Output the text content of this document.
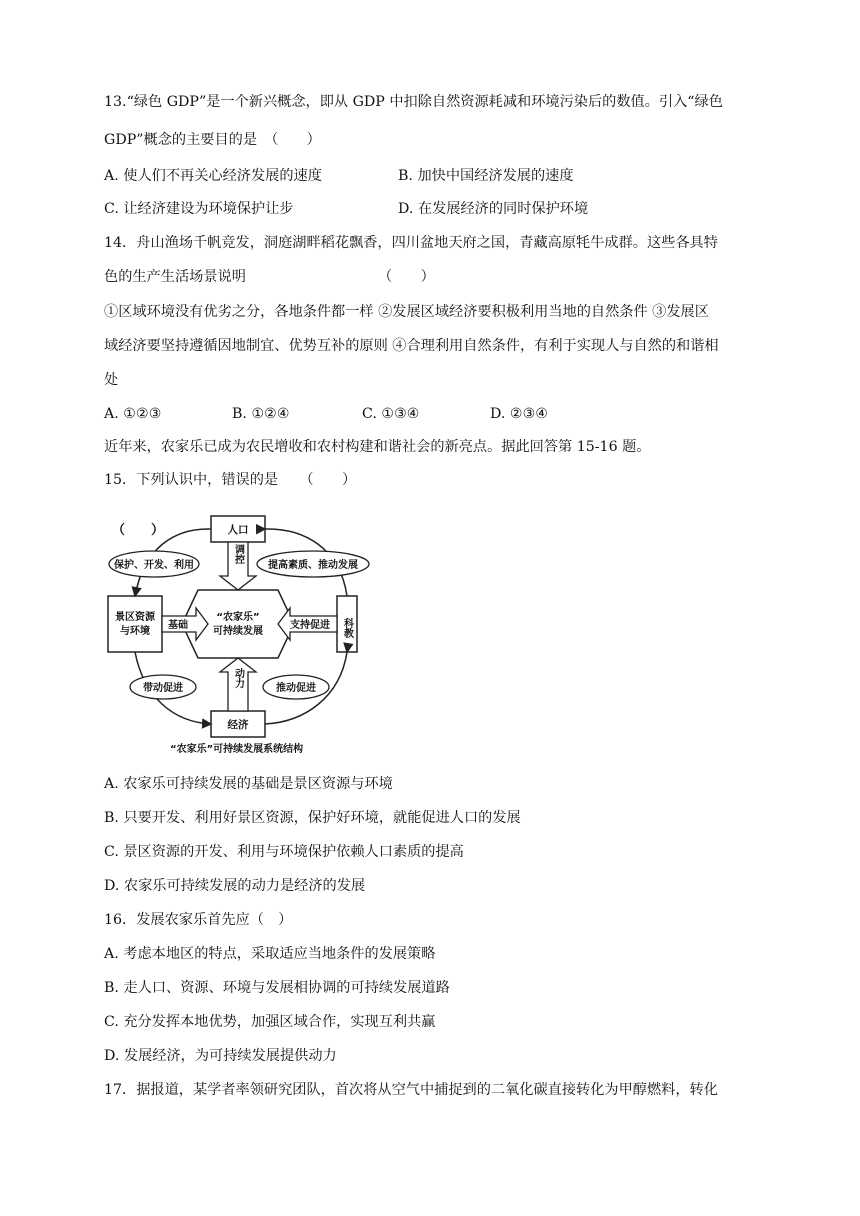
13.“绿色 GDP”是一个新兴概念，即从 GDP 中扣除自然资源耗减和环境污染后的数值。引入“绿色
GDP”概念的主要目的是　（　　）
A. 使人们不再关心经济发展的速度	B. 加快中国经济发展的速度
C. 让经济建设为环境保护让步	D. 在发展经济的同时保护环境
14．舟山渔场千帆竞发，洞庭湖畔稻花飘香，四川盆地天府之国，青藏高原牦牛成群。这些各具特
色的生产生活场景说明	（　　）
①区域环境没有优劣之分，各地条件都一样 ②发展区域经济要积极利用当地的自然条件 ③发展区
域经济要坚持遵循因地制宜、优势互补的原则 ④合理利用自然条件，有利于实现人与自然的和谐相
处
A. ①②③	B. ①②④	C. ①③④	D. ②③④
近年来，农家乐已成为农民增收和农村构建和谐社会的新亮点。据此回答第 15-16 题。
15．下列认识中，错误的是　　（　　）
（　　）	人口
经济
保护、开发、利用	提高素质、推动发展
带动促进	推动促进
景区资源
与环境
基础
“农家乐”
可持续发展
支持促进 科教
调控
动力
“农家乐”可持续发展系统结构
A. 农家乐可持续发展的基础是景区资源与环境
B. 只要开发、利用好景区资源，保护好环境，就能促进人口的发展
C. 景区资源的开发、利用与环境保护依赖人口素质的提高
D. 农家乐可持续发展的动力是经济的发展
16．发展农家乐首先应（　）
A. 考虑本地区的特点，采取适应当地条件的发展策略
B. 走人口、资源、环境与发展相协调的可持续发展道路
C. 充分发挥本地优势，加强区域合作，实现互利共赢
D. 发展经济，为可持续发展提供动力
17．据报道，某学者率领研究团队，首次将从空气中捕捉到的二氧化碳直接转化为甲醇燃料，转化
